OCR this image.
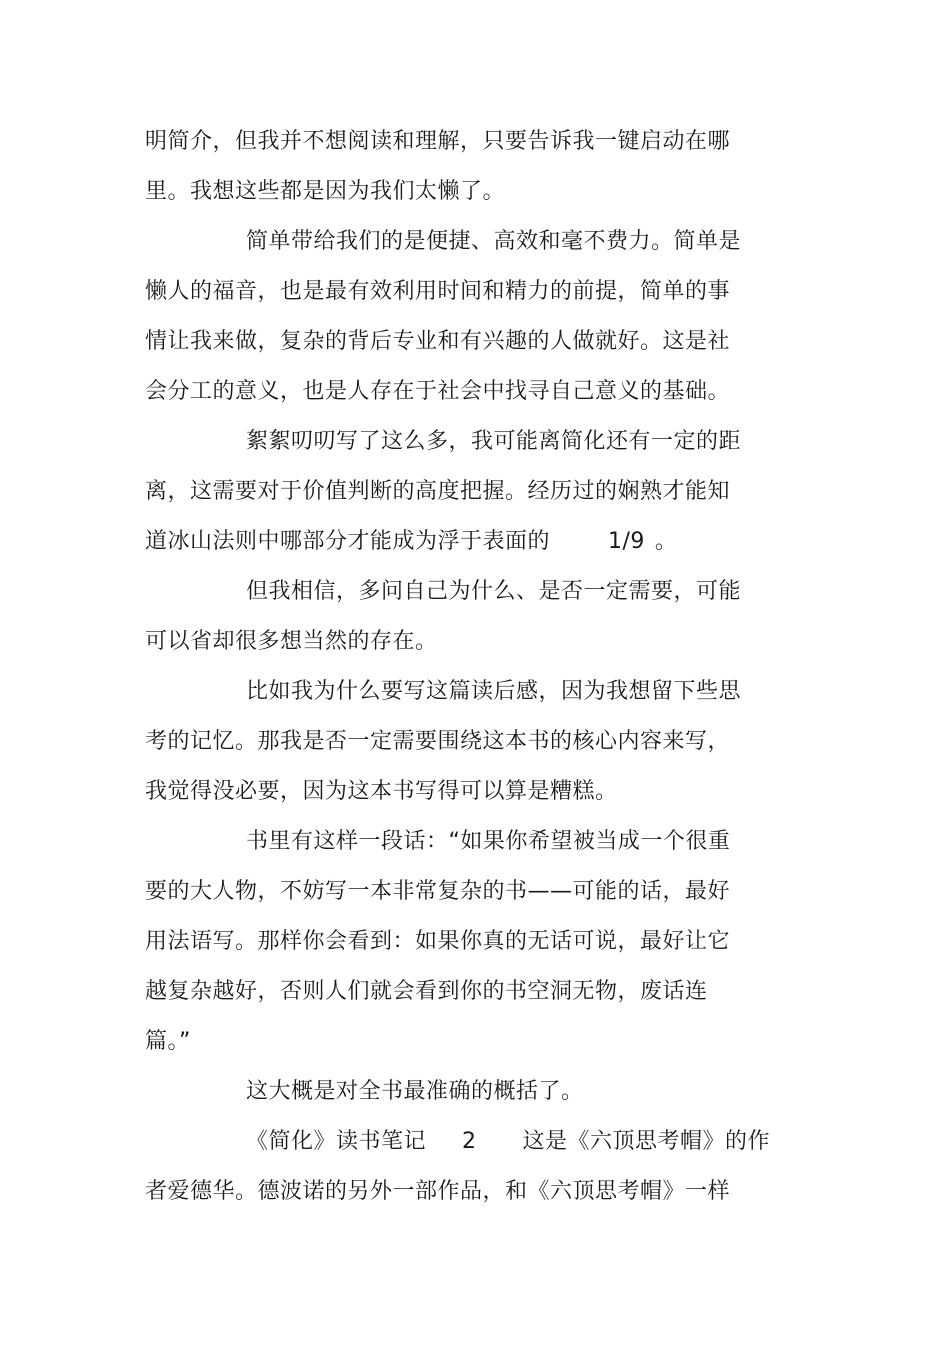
明简介，但我并不想阅读和理解，只要告诉我一键启动在哪
里。我想这些都是因为我们太懒了。
简单带给我们的是便捷、高效和毫不费力。简单是
懒人的福音，也是最有效利用时间和精力的前提，简单的事
情让我来做，复杂的背后专业和有兴趣的人做就好。这是社
会分工的意义，也是人存在于社会中找寻自己意义的基础。
絮絮叨叨写了这么多，我可能离简化还有一定的距
离，这需要对于价值判断的高度把握。经历过的娴熟才能知
道冰山法则中哪部分才能成为浮于表面的	1/9 。
但我相信，多问自己为什么、是否一定需要，可能
可以省却很多想当然的存在。
比如我为什么要写这篇读后感，因为我想留下些思
考的记忆。那我是否一定需要围绕这本书的核心内容来写，
我觉得没必要，因为这本书写得可以算是糟糕。
书里有这样一段话：“如果你希望被当成一个很重
要的大人物，不妨写一本非常复杂的书——可能的话，最好
用法语写。那样你会看到：如果你真的无话可说，最好让它
越复杂越好，否则人们就会看到你的书空洞无物，废话连
篇。”
这大概是对全书最准确的概括了。
《简化》读书笔记 2 这是《六顶思考帽》的作
者爱德华。德波诺的另外一部作品，和《六顶思考帽》一样
